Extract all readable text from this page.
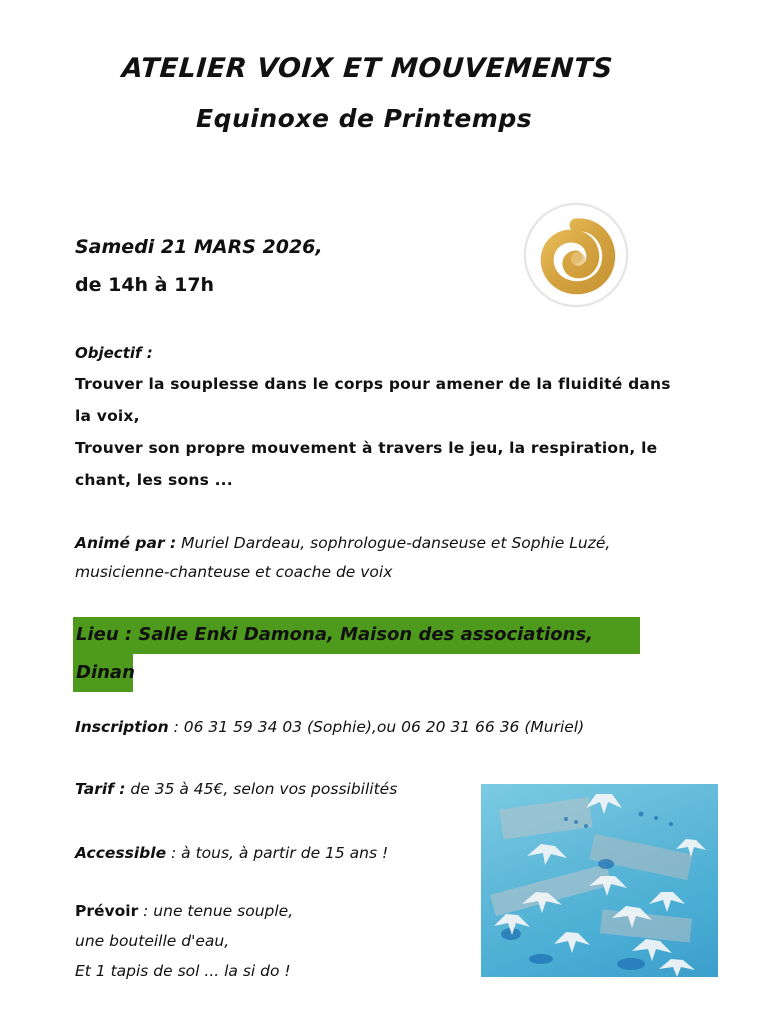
ATELIER VOIX ET MOUVEMENTS
Equinoxe de Printemps
Samedi 21 MARS 2026,
de 14h à 17h
Objectif :
Trouver la souplesse dans le corps pour amener de la fluidité dans
la voix,
Trouver son propre mouvement à travers le jeu, la respiration, le
chant, les sons ...
Animé par : Muriel Dardeau, sophrologue-danseuse et Sophie Luzé,
musicienne-chanteuse et coache de voix
Lieu : Salle Enki Damona, Maison des associations,
Dinan
Inscription : 06 31 59 34 03 (Sophie),ou 06 20 31 66 36 (Muriel)
Tarif : de 35 à 45€, selon vos possibilités
Accessible : à tous, à partir de 15 ans !
Prévoir : une tenue souple,
une bouteille d'eau,
Et 1 tapis de sol ... la si do !
